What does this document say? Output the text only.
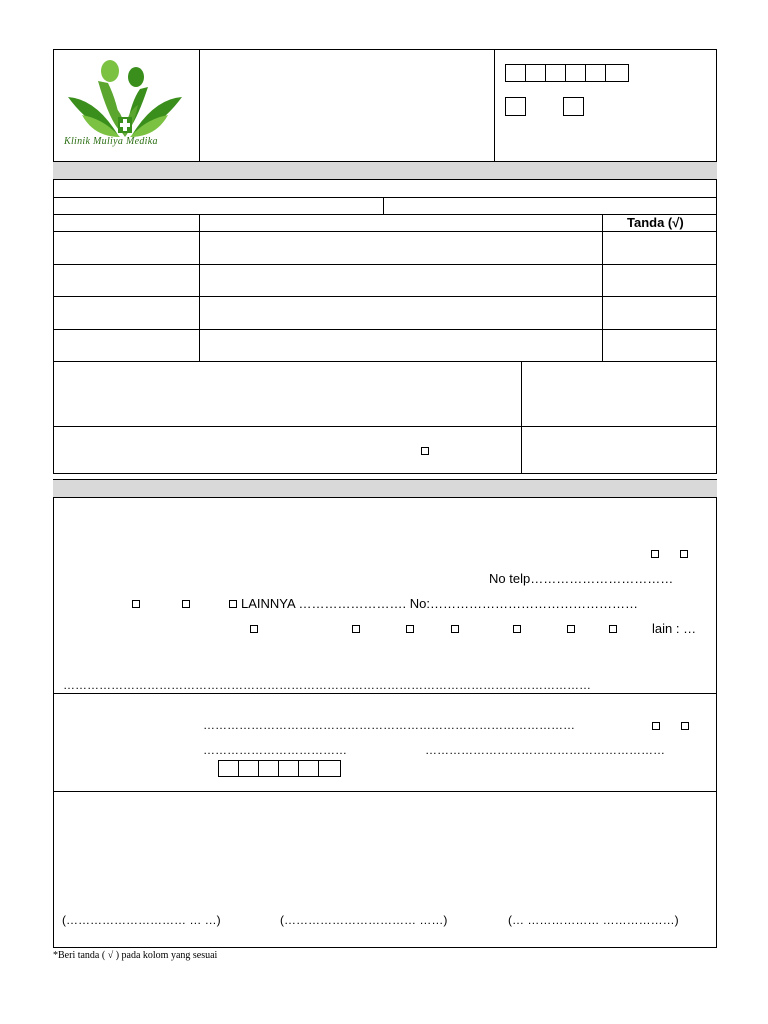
Klinik Muliya Medika
Tanda (√)
No telp……………………………
LAINNYA ……………………. No:…………………………………………
lain : …
……………………………………………………………………………………………………………………
…………………………………………………………………………………
………………………………	……………………………………………………
(………………………… … …)	(…………………………… ……)	(… ……………… ………………)
*Beri tanda ( √ ) pada kolom yang sesuai
